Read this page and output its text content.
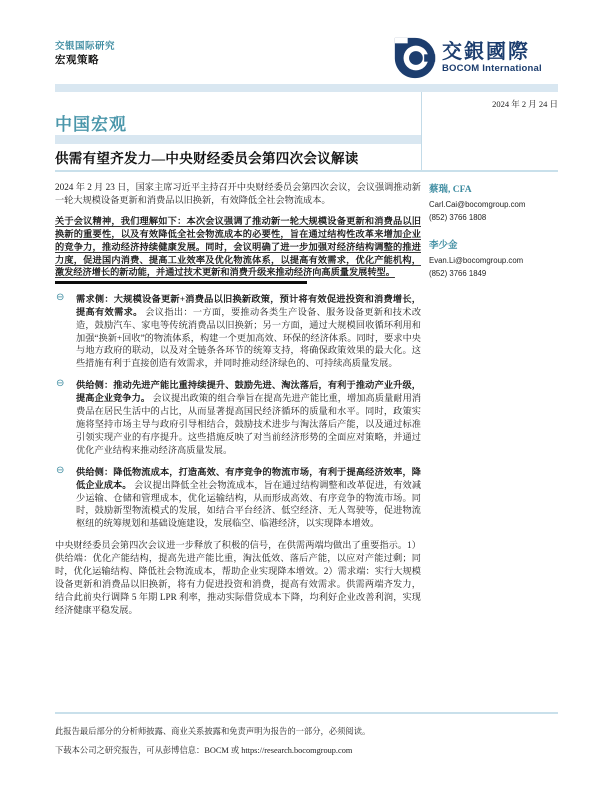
交银国际研究
宏观策略	交銀國際
BOCOM International
2024 年 2 月 24 日
中国宏观
供需有望齐发力—中央财经委员会第四次会议解读

2024 年 2 月 23 日，国家主席习近平主持召开中央财经委员会第四次会议，会议强调推动新一轮大规模设备更新和消费品以旧换新，有效降低全社会物流成本。

关于会议精神，我们理解如下：本次会议强调了推动新一轮大规模设备更新和消费品以旧换新的重要性，以及有效降低全社会物流成本的必要性，旨在通过结构性改革来增加企业的竞争力，推动经济持续健康发展。同时，会议明确了进一步加强对经济结构调整的推进力度，促进国内消费、提高工业效率及优化物流体系，以提高有效需求，优化产能机构，激发经济增长的新动能，并通过技术更新和消费升级来推动经济向高质量发展转型。

⊖ 需求侧：大规模设备更新+消费品以旧换新政策，预计将有效促进投资和消费增长，提高有效需求。 会议指出：一方面，要推动各类生产设备、服务设备更新和技术改造，鼓励汽车、家电等传统消费品以旧换新；另一方面，通过大规模回收循环利用和加强“换新+回收”的物流体系，构建一个更加高效、环保的经济体系。同时，要求中央与地方政府的联动，以及对全链条各环节的统筹支持，将确保政策效果的最大化。这些措施有利于直接创造有效需求，并同时推动经济绿色的、可持续高质量发展。
⊖ 供给侧：推动先进产能比重持续提升、鼓励先进、淘汰落后，有利于推动产业升级，提高企业竞争力。 会议提出政策的组合拳旨在提高先进产能比重，增加高质量耐用消费品在居民生活中的占比，从而显著提高国民经济循环的质量和水平。同时，政策实施将坚持市场主导与政府引导相结合，鼓励技术进步与淘汰落后产能，以及通过标准引领实现产业的有序提升。这些措施反映了对当前经济形势的全面应对策略，并通过优化产业结构来推动经济高质量发展。
⊖ 供给侧：降低物流成本，打造高效、有序竞争的物流市场，有利于提高经济效率，降低企业成本。 会议提出降低全社会物流成本，旨在通过结构调整和改革促进，有效减少运输、仓储和管理成本，优化运输结构，从而形成高效、有序竞争的物流市场。同时，鼓励新型物流模式的发展，如结合平台经济、低空经济、无人驾驶等，促进物流枢纽的统筹规划和基础设施建设，发展临空、临港经济，以实现降本增效。

中央财经委员会第四次会议进一步释放了积极的信号，在供需两端均做出了重要指示。1）供给端：优化产能结构，提高先进产能比重，淘汰低效、落后产能，以应对产能过剩；同时，优化运输结构、降低社会物流成本，帮助企业实现降本增效。2）需求端：实行大规模设备更新和消费品以旧换新，将有力促进投资和消费，提高有效需求。供需两端齐发力，结合此前央行调降 5 年期 LPR 利率，推动实际借贷成本下降，均利好企业改善利润，实现经济健康平稳发展。

蔡瑞, CFA
Carl.Cai@bocomgroup.com
(852) 3766 1808
李少金
Evan.Li@bocomgroup.com
(852) 3766 1849
此报告最后部分的分析师披露、商业关系披露和免责声明为报告的一部分，必须阅读。
下载本公司之研究报告，可从彭博信息：BOCM 或 https://research.bocomgroup.com
